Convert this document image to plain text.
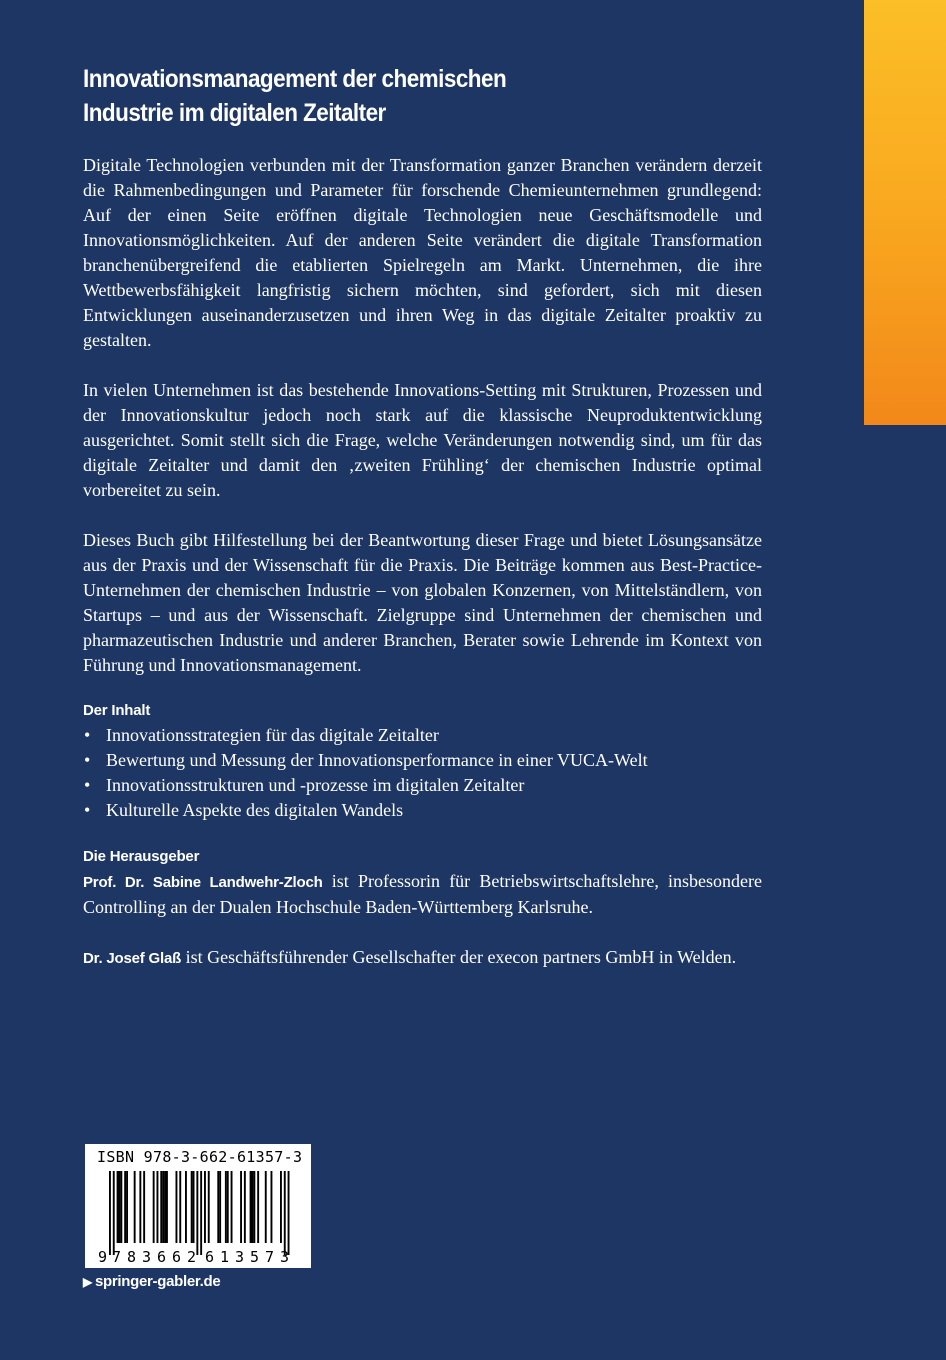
Innovationsmanagement der chemischen
Industrie im digitalen Zeitalter

Digitale Technologien verbunden mit der Transformation ganzer Branchen verändern derzeit die Rahmenbedingungen und Parameter für forschende Chemieunternehmen grundlegend: Auf der einen Seite eröffnen digitale Technologien neue Geschäftsmodelle und Innovationsmöglichkeiten. Auf der anderen Seite verändert die digitale Transformation branchenübergreifend die etablierten Spielregeln am Markt. Unternehmen, die ihre Wettbewerbsfähigkeit langfristig sichern möchten, sind gefordert, sich mit diesen Entwicklungen auseinanderzusetzen und ihren Weg in das digitale Zeitalter proaktiv zu gestalten.

In vielen Unternehmen ist das bestehende Innovations-Setting mit Strukturen, Prozessen und der Innovationskultur jedoch noch stark auf die klassische Neuproduktentwicklung ausgerichtet. Somit stellt sich die Frage, welche Veränderungen notwendig sind, um für das digitale Zeitalter und damit den ‚zweiten Frühling‘ der chemischen Industrie optimal vorbereitet zu sein.

Dieses Buch gibt Hilfestellung bei der Beantwortung dieser Frage und bietet Lösungsansätze aus der Praxis und der Wissenschaft für die Praxis. Die Beiträge kommen aus Best-Practice-Unternehmen der chemischen Industrie – von globalen Konzernen, von Mittelständlern, von Startups – und aus der Wissenschaft. Zielgruppe sind Unternehmen der chemischen und pharmazeutischen Industrie und anderer Branchen, Berater sowie Lehrende im Kontext von Führung und Innovationsmanagement.

Der Inhalt
• Innovationsstrategien für das digitale Zeitalter
• Bewertung und Messung der Innovationsperformance in einer VUCA-Welt
• Innovationsstrukturen und -prozesse im digitalen Zeitalter
• Kulturelle Aspekte des digitalen Wandels
Die Herausgeber

Prof. Dr. Sabine Landwehr-Zloch ist Professorin für Betriebswirtschaftslehre, insbesondere Controlling an der Dualen Hochschule Baden-Württemberg Karlsruhe.

Dr. Josef Glaß ist Geschäftsführender Gesellschafter der execon partners GmbH in Welden.

ISBN 978-3-662-61357-3
9 783662 613573
▶ springer-gabler.de
